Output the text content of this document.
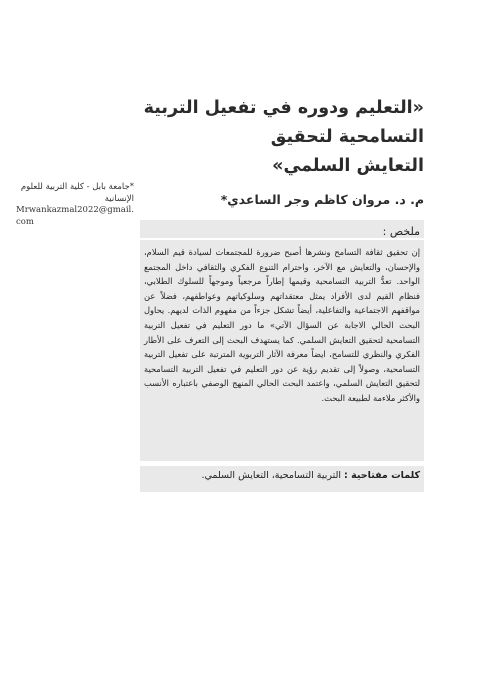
«التعليم ودوره في تفعيل التربية
التسامحية لتحقيق
التعايش السلمي»
*جامعة بابل - كلية التربية للعلوم الإنسانية
Mrwankazmal2022@gmail.com
م. د. مروان كاظم وجر الساعدي*
ملخص :
إن تحقيق ثقافة التسامح ونشرها أصبح ضرورة للمجتمعات لسيادة قيم السلام، والإحسان، والتعايش مع الآخر، واحترام التنوع الفكري والثقافي داخل المجتمع الواحد. تعدُّ التربية التسامحية وقيمها إطاراً مرجعياً وموجهاً للسلوك الطلابي، فنظام القيم لدى الأفراد يمثل معتقداتهم وسلوكياتهم وعواطفهم، فضلاً عن مواقفهم الاجتماعية والتفاعلية، أيضاً تشكل جزءاً من مفهوم الذات لديهم. يحاول البحث الحالي الاجابة عن السؤال الآتي» ما دور التعليم في تفعيل التربية التسامحية لتحقيق التعايش السلمي. كما يستهدف البحث إلى التعرف على الأطار الفكري والنظري للتسامح، ايضاً معرفة الآثار التربوية المترتبة على تفعيل التربية التسامحية، وصولاً إلى تقديم رؤية عن دور التعليم في تفعيل التربية التسامحية لتحقيق التعايش السلمي، واعتمد البحث الحالي المنهج الوصفي باعتباره الأنسب والأكثر ملاءمة لطبيعة البحث.
كلمات مفتاحية : التربية التسامحية، التعايش السلمي.
